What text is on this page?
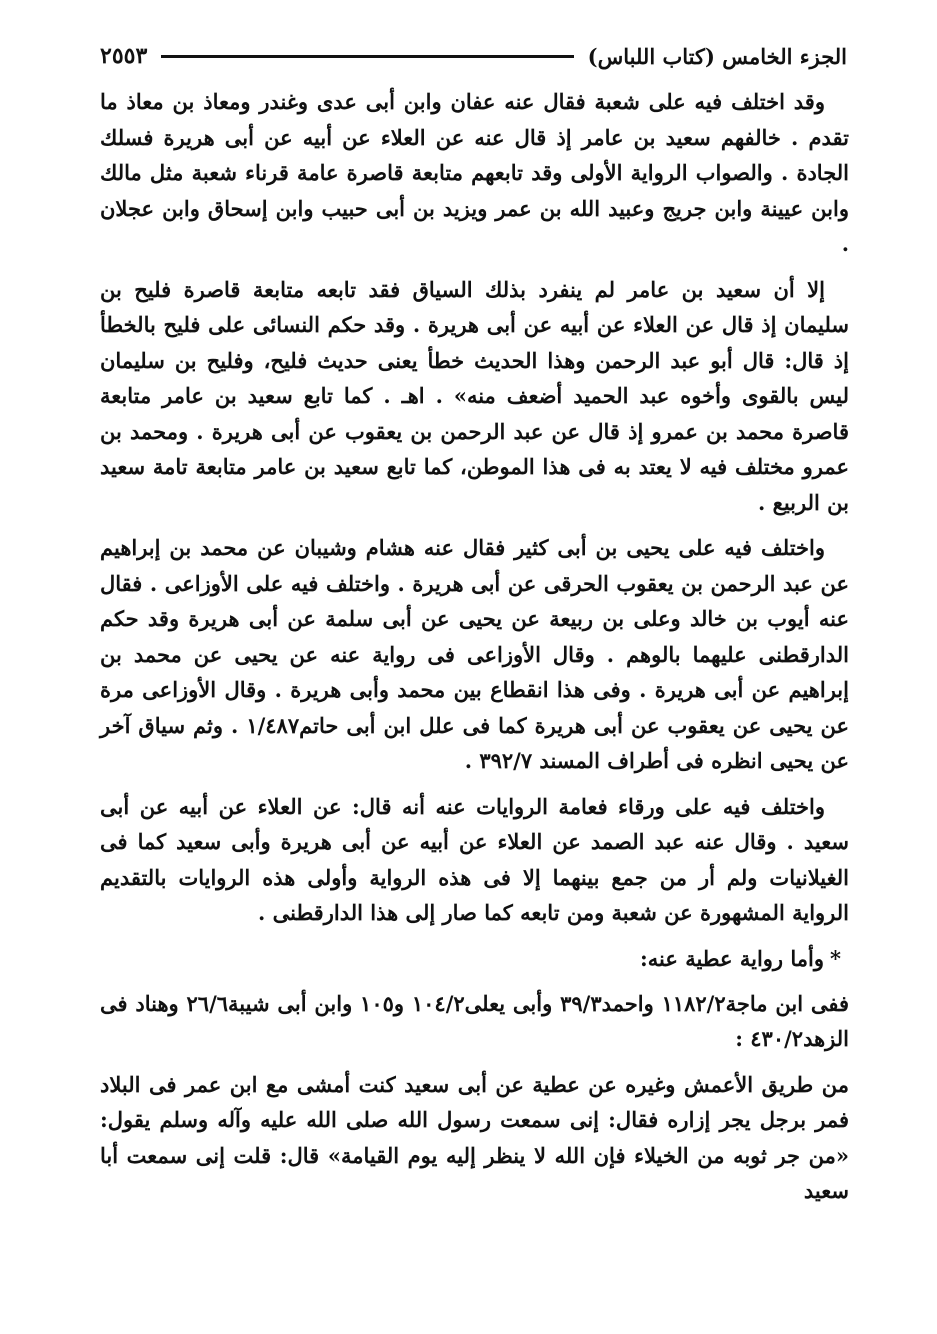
الجزء الخامس (كتاب اللباس)
٢٥٥٣

وقد اختلف فيه على شعبة فقال عنه عفان وابن أبى عدى وغندر ومعاذ بن معاذ ما تقدم . خالفهم سعيد بن عامر إذ قال عنه عن العلاء عن أبيه عن أبى هريرة فسلك الجادة . والصواب الرواية الأولى وقد تابعهم متابعة قاصرة عامة قرناء شعبة مثل مالك وابن عيينة وابن جريج وعبيد الله بن عمر ويزيد بن أبى حبيب وابن إسحاق وابن عجلان .

إلا أن سعيد بن عامر لم ينفرد بذلك السياق فقد تابعه متابعة قاصرة فليح بن سليمان إذ قال عن العلاء عن أبيه عن أبى هريرة . وقد حكم النسائى على فليح بالخطأ إذ قال: قال أبو عبد الرحمن وهذا الحديث خطأ يعنى حديث فليح، وفليح بن سليمان ليس بالقوى وأخوه عبد الحميد أضعف منه» . اهـ . كما تابع سعيد بن عامر متابعة قاصرة محمد بن عمرو إذ قال عن عبد الرحمن بن يعقوب عن أبى هريرة . ومحمد بن عمرو مختلف فيه لا يعتد به فى هذا الموطن، كما تابع سعيد بن عامر متابعة تامة سعيد بن الربيع .

واختلف فيه على يحيى بن أبى كثير فقال عنه هشام وشيبان عن محمد بن إبراهيم عن عبد الرحمن بن يعقوب الحرقى عن أبى هريرة . واختلف فيه على الأوزاعى . فقال عنه أيوب بن خالد وعلى بن ربيعة عن يحيى عن أبى سلمة عن أبى هريرة وقد حكم الدارقطنى عليهما بالوهم . وقال الأوزاعى فى رواية عنه عن يحيى عن محمد بن إبراهيم عن أبى هريرة . وفى هذا انقطاع بين محمد وأبى هريرة . وقال الأوزاعى مرة عن يحيى عن يعقوب عن أبى هريرة كما فى علل ابن أبى حاتم١/٤٨٧ . وثم سياق آخر عن يحيى انظره فى أطراف المسند ٣٩٢/٧ .

واختلف فيه على ورقاء فعامة الروايات عنه أنه قال: عن العلاء عن أبيه عن أبى سعيد . وقال عنه عبد الصمد عن العلاء عن أبيه عن أبى هريرة وأبى سعيد كما فى الغيلانيات ولم أر من جمع بينهما إلا فى هذه الرواية وأولى هذه الروايات بالتقديم الرواية المشهورة عن شعبة ومن تابعه كما صار إلى هذا الدارقطنى .

*وأما رواية عطية عنه:

ففى ابن ماجة١١٨٢/٢ واحمد٣٩/٣ وأبى يعلى١٠٤/٢ و١٠٥ وابن أبى شيبة٢٦/٦ وهناد فى الزهد٤٣٠/٢ :

من طريق الأعمش وغيره عن عطية عن أبى سعيد كنت أمشى مع ابن عمر فى البلاد فمر برجل يجر إزاره فقال: إنى سمعت رسول الله صلى الله عليه وآله وسلم يقول: «من جر ثوبه من الخيلاء فإن الله لا ينظر إليه يوم القيامة» قال: قلت إنى سمعت أبا سعيد
